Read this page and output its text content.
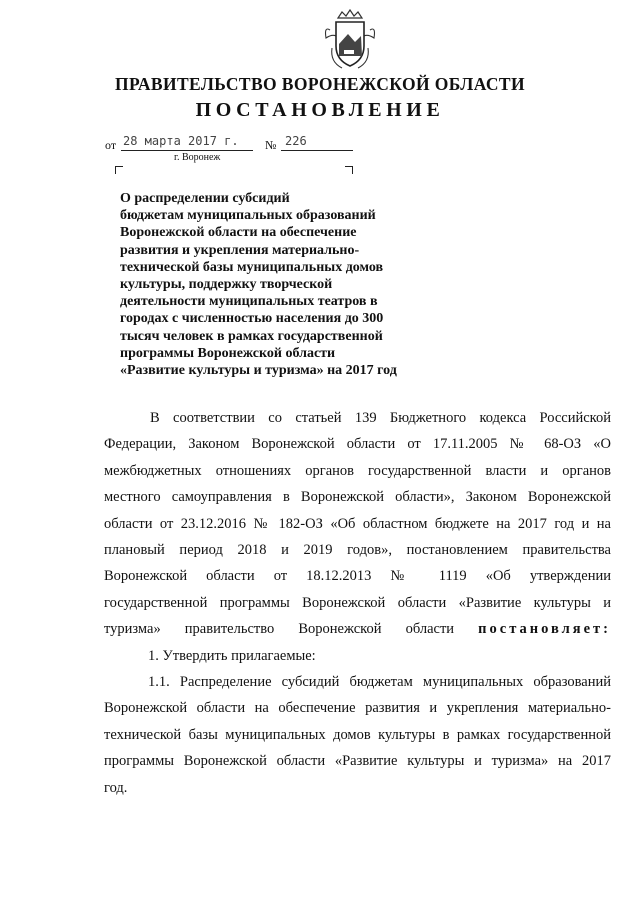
ПРАВИТЕЛЬСТВО ВОРОНЕЖСКОЙ ОБЛАСТИ
ПОСТАНОВЛЕНИЕ
от 28 марта 2017 г. № 226
г. Воронеж
О распределении субсидий
бюджетам муниципальных образований
Воронежской области на обеспечение
развития и укрепления материально-
технической базы муниципальных домов
культуры, поддержку творческой
деятельности муниципальных театров в
городах с численностью населения до 300
тысяч человек в рамках государственной
программы Воронежской области
«Развитие культуры и туризма» на 2017 год
В соответствии со статьей 139 Бюджетного кодекса Российской
Федерации, Законом Воронежской области от 17.11.2005 № 68-ОЗ «О
межбюджетных отношениях органов государственной власти и органов
местного самоуправления в Воронежской области», Законом Воронежской
области от 23.12.2016 № 182-ОЗ «Об областном бюджете на 2017 год и на
плановый период 2018 и 2019 годов», постановлением правительства
Воронежской области от 18.12.2013 № 1119 «Об утверждении
государственной программы Воронежской области «Развитие культуры и
туризма» правительство Воронежской области постановляет:
1. Утвердить прилагаемые:
1.1. Распределение субсидий бюджетам муниципальных образований
Воронежской области на обеспечение развития и укрепления материально-
технической базы муниципальных домов культуры в рамках государственной
программы Воронежской области «Развитие культуры и туризма» на 2017
год.
